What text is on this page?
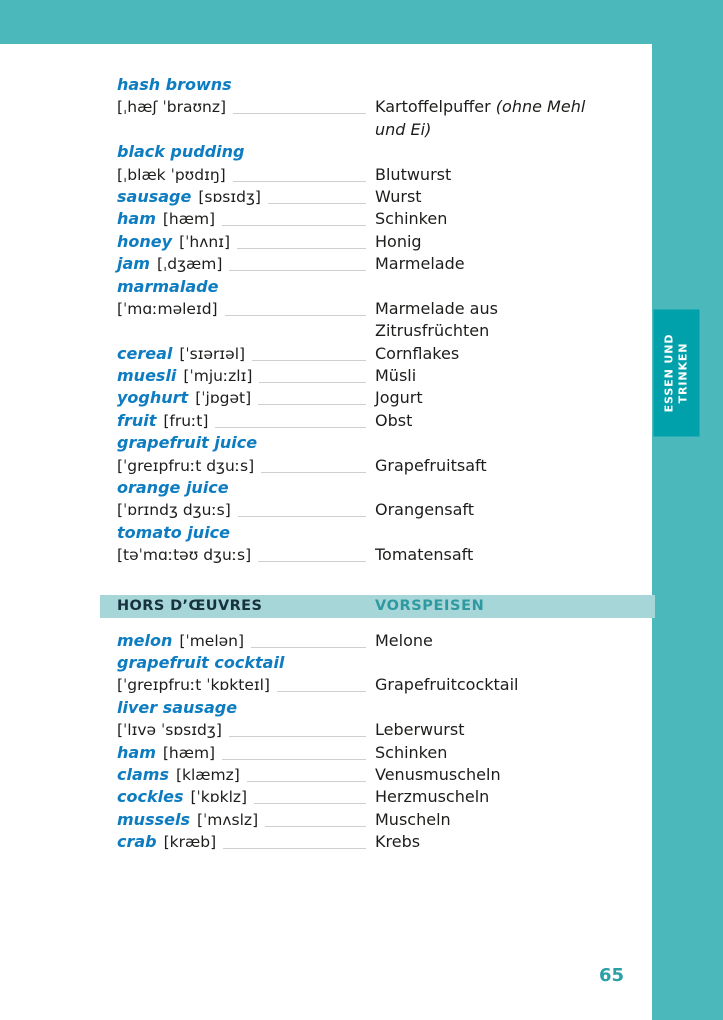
hash browns
[ˌhæʃ ˈbraʊnz]	Kartoffelpuffer (ohne Mehl
und Ei)
black pudding
[ˌblæk ˈpʊdɪŋ]	Blutwurst
sausage [sɒsɪdʒ]	Wurst
ham [hæm]	Schinken
honey [ˈhʌnɪ]	Honig
jam [ˌdʒæm]	Marmelade
marmalade
[ˈmɑːməleɪd]	Marmelade aus
Zitrusfrüchten
cereal [ˈsɪərɪəl]	Cornflakes
muesli [ˈmjuːzlɪ]	Müsli
yoghurt [ˈjɒgət]	Jogurt
fruit [fruːt]	Obst
grapefruit juice
[ˈgreɪpfruːt dʒuːs]	Grapefruitsaft
orange juice
[ˈɒrɪndʒ dʒuːs]	Orangensaft
tomato juice
[təˈmɑːtəʊ dʒuːs]	Tomatensaft
HORS D’ŒUVRES	VORSPEISEN
melon [ˈmelən]	Melone
grapefruit cocktail
[ˈgreɪpfruːt ˈkɒkteɪl]	Grapefruitcocktail
liver sausage
[ˈlɪvə ˈsɒsɪdʒ]	Leberwurst
ham [hæm]	Schinken
clams [klæmz]	Venusmuscheln
cockles [ˈkɒklz]	Herzmuscheln
mussels [ˈmʌslz]	Muscheln
crab [kræb]	Krebs
65
ESSEN UND TRINKEN
